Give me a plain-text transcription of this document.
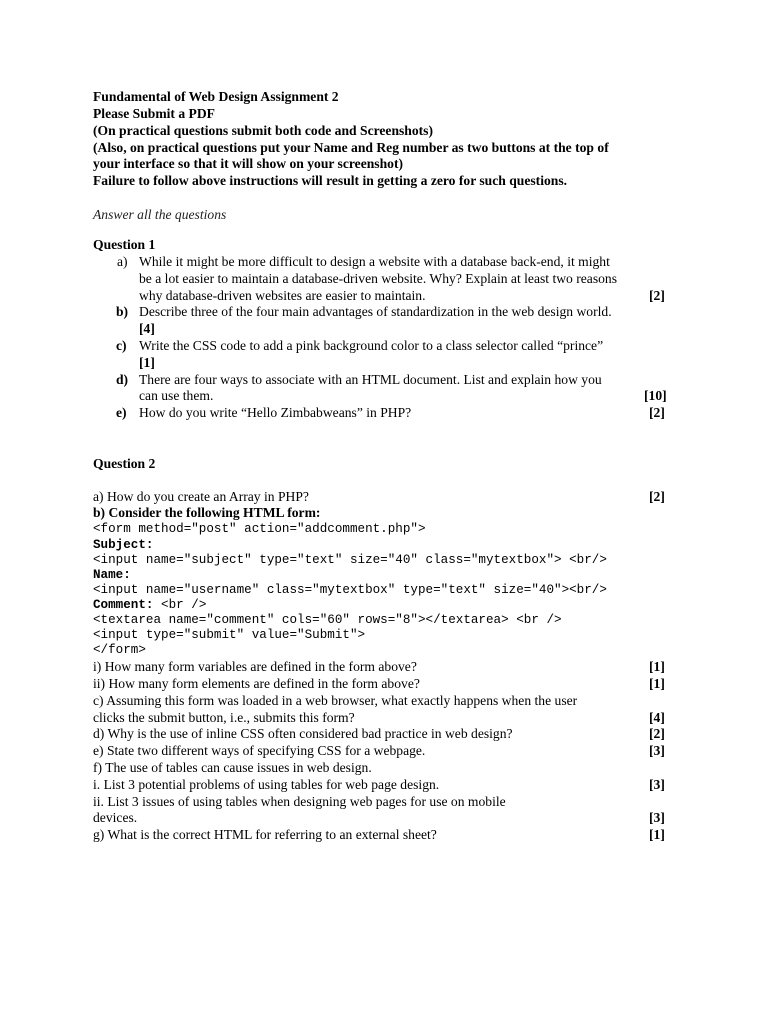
Fundamental of Web Design Assignment 2
Please Submit a PDF
(On practical questions submit both code and Screenshots)
(Also, on practical questions put your Name and Reg number as two buttons at the top of
your interface so that it will show on your screenshot)
Failure to follow above instructions will result in getting a zero for such questions.
Answer all the questions
Question 1
a) While it might be more difficult to design a website with a database back-end, it might
be a lot easier to maintain a database-driven website. Why? Explain at least two reasons
why database-driven websites are easier to maintain.	[2]
b) Describe three of the four main advantages of standardization in the web design world.
[4]
c) Write the CSS code to add a pink background color to a class selector called “prince”
[1]
d) There are four ways to associate with an HTML document. List and explain how you
can use them.	[10]
e) How do you write “Hello Zimbabweans” in PHP?	[2]
Question 2
a) How do you create an Array in PHP?	[2]
b) Consider the following HTML form:
<form method="post" action="addcomment.php">
Subject:
<input name="subject" type="text" size="40" class="mytextbox"> <br/>
Name:
<input name="username" class="mytextbox" type="text" size="40"><br/>
Comment: <br />
<textarea name="comment" cols="60" rows="8"></textarea> <br />
<input type="submit" value="Submit">
</form>
i) How many form variables are defined in the form above?	[1]
ii) How many form elements are defined in the form above?	[1]
c) Assuming this form was loaded in a web browser, what exactly happens when the user
clicks the submit button, i.e., submits this form?	[4]
d) Why is the use of inline CSS often considered bad practice in web design?	[2]
e) State two different ways of specifying CSS for a webpage.	[3]
f) The use of tables can cause issues in web design.
i. List 3 potential problems of using tables for web page design.	[3]
ii. List 3 issues of using tables when designing web pages for use on mobile
devices.	[3]
g) What is the correct HTML for referring to an external sheet?	[1]
